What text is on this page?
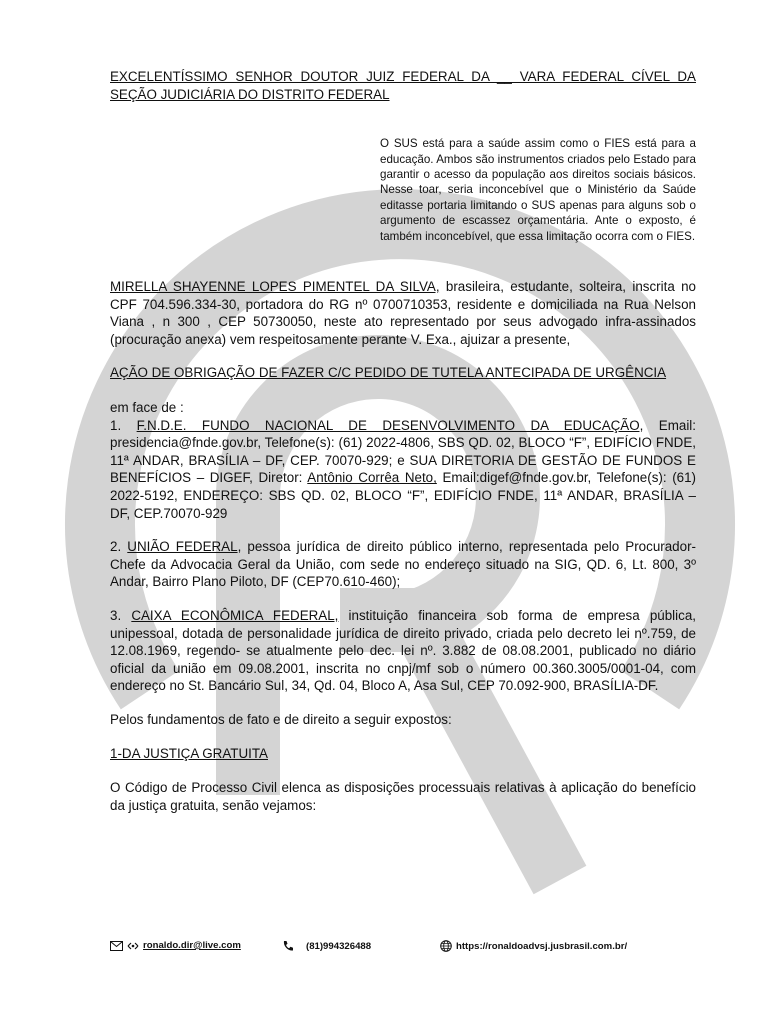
EXCELENTÍSSIMO SENHOR DOUTOR JUIZ FEDERAL DA __ VARA FEDERAL CÍVEL DA SEÇÃO JUDICIÁRIA DO DISTRITO FEDERAL
O SUS está para a saúde assim como o FIES está para a educação. Ambos são instrumentos criados pelo Estado para garantir o acesso da população aos direitos sociais básicos. Nesse toar, seria inconcebível que o Ministério da Saúde editasse portaria limitando o SUS apenas para alguns sob o argumento de escassez orçamentária. Ante o exposto, é também inconcebível, que essa limitação ocorra com o FIES.
MIRELLA SHAYENNE LOPES PIMENTEL DA SILVA, brasileira, estudante, solteira, inscrita no CPF 704.596.334-30, portadora do RG nº 0700710353, residente e domiciliada na Rua Nelson Viana , n 300 , CEP 50730050, neste ato representado por seus advogado infra-assinados (procuração anexa) vem respeitosamente perante V. Exa., ajuizar a presente,
AÇÃO DE OBRIGAÇÃO DE FAZER C/C PEDIDO DE TUTELA ANTECIPADA DE URGÊNCIA
em face de :
1. F.N.D.E. FUNDO NACIONAL DE DESENVOLVIMENTO DA EDUCAÇÃO, Email: presidencia@fnde.gov.br, Telefone(s): (61) 2022-4806, SBS QD. 02, BLOCO “F”, EDIFÍCIO FNDE, 11ª ANDAR, BRASÍLIA – DF, CEP. 70070-929; e SUA DIRETORIA DE GESTÃO DE FUNDOS E BENEFÍCIOS – DIGEF, Diretor: Antônio Corrêa Neto, Email:digef@fnde.gov.br, Telefone(s): (61) 2022-5192, ENDEREÇO: SBS QD. 02, BLOCO “F”, EDIFÍCIO FNDE, 11ª ANDAR, BRASÍLIA – DF, CEP.70070-929
2. UNIÃO FEDERAL, pessoa jurídica de direito público interno, representada pelo Procurador-Chefe da Advocacia Geral da União, com sede no endereço situado na SIG, QD. 6, Lt. 800, 3º Andar, Bairro Plano Piloto, DF (CEP70.610-460);
3. CAIXA ECONÔMICA FEDERAL, instituição financeira sob forma de empresa pública, unipessoal, dotada de personalidade jurídica de direito privado, criada pelo decreto lei nº.759, de 12.08.1969, regendo- se atualmente pelo dec. lei nº. 3.882 de 08.08.2001, publicado no diário oficial da união em 09.08.2001, inscrita no cnpj/mf sob o número 00.360.3005/0001-04, com endereço no St. Bancário Sul, 34, Qd. 04, Bloco A, Asa Sul, CEP 70.092-900, BRASÍLIA-DF.
Pelos fundamentos de fato e de direito a seguir expostos:
1-DA JUSTIÇA GRATUITA
O Código de Processo Civil elenca as disposições processuais relativas à aplicação do benefício da justiça gratuita, senão vejamos:
ronaldo.dir@live.com	(81)994326488	https://ronaldoadvsj.jusbrasil.com.br/
